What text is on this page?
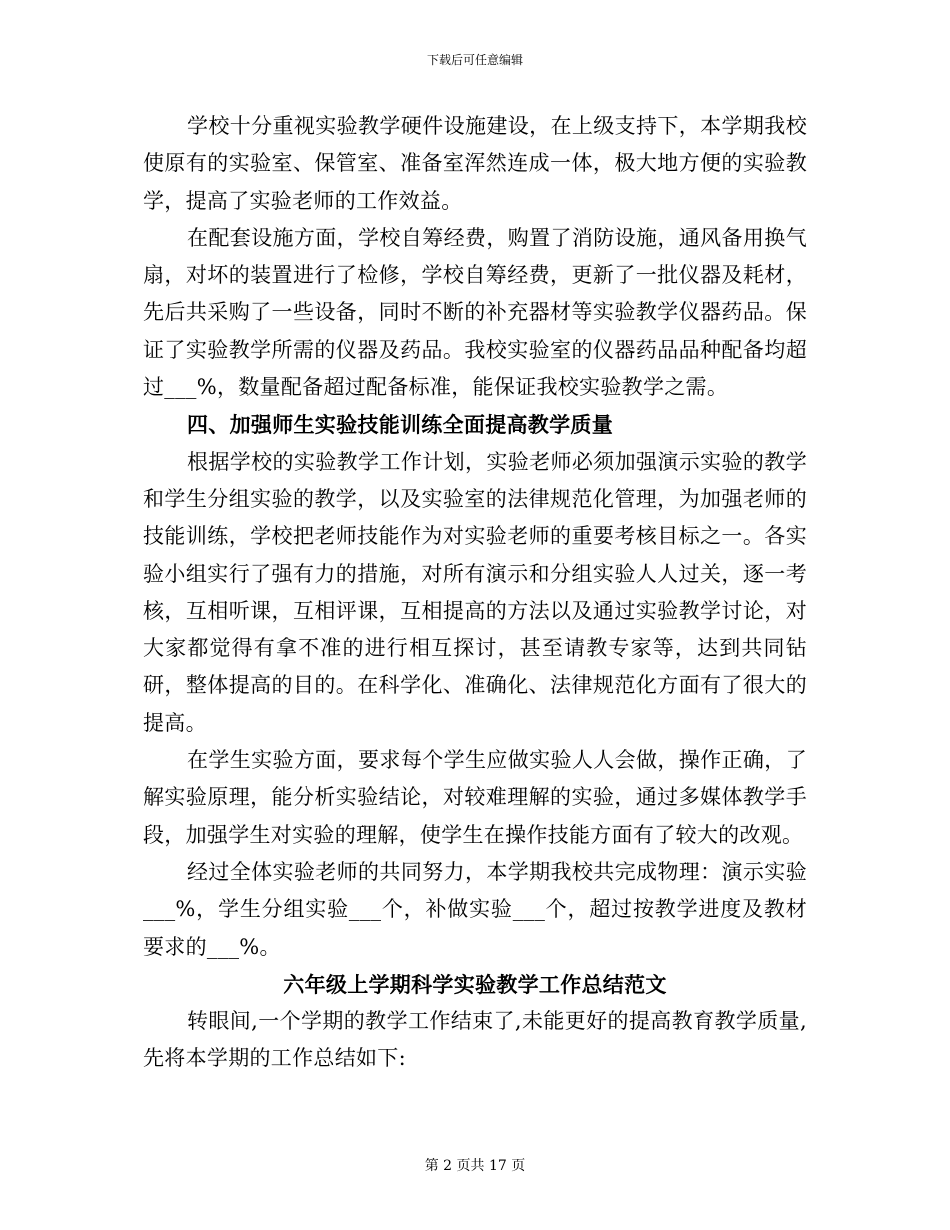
下载后可任意编辑

学校十分重视实验教学硬件设施建设，在上级支持下，本学期我校使原有的实验室、保管室、准备室浑然连成一体，极大地方便的实验教学，提高了实验老师的工作效益。

在配套设施方面，学校自筹经费，购置了消防设施，通风备用换气扇，对坏的装置进行了检修，学校自筹经费，更新了一批仪器及耗材，先后共采购了一些设备，同时不断的补充器材等实验教学仪器药品。保证了实验教学所需的仪器及药品。我校实验室的仪器药品品种配备均超过___%，数量配备超过配备标准，能保证我校实验教学之需。

四、加强师生实验技能训练全面提高教学质量

根据学校的实验教学工作计划，实验老师必须加强演示实验的教学和学生分组实验的教学，以及实验室的法律规范化管理，为加强老师的技能训练，学校把老师技能作为对实验老师的重要考核目标之一。各实验小组实行了强有力的措施，对所有演示和分组实验人人过关，逐一考核，互相听课，互相评课，互相提高的方法以及通过实验教学讨论，对大家都觉得有拿不准的进行相互探讨，甚至请教专家等，达到共同钻研，整体提高的目的。在科学化、准确化、法律规范化方面有了很大的提高。

在学生实验方面，要求每个学生应做实验人人会做，操作正确，了解实验原理，能分析实验结论，对较难理解的实验，通过多媒体教学手段，加强学生对实验的理解，使学生在操作技能方面有了较大的改观。

经过全体实验老师的共同努力，本学期我校共完成物理：演示实验___%，学生分组实验___个，补做实验___个，超过按教学进度及教材要求的___%。

六年级上学期科学实验教学工作总结范文

转眼间,一个学期的教学工作结束了,未能更好的提高教育教学质量,先将本学期的工作总结如下:

第 2 页共 17 页
